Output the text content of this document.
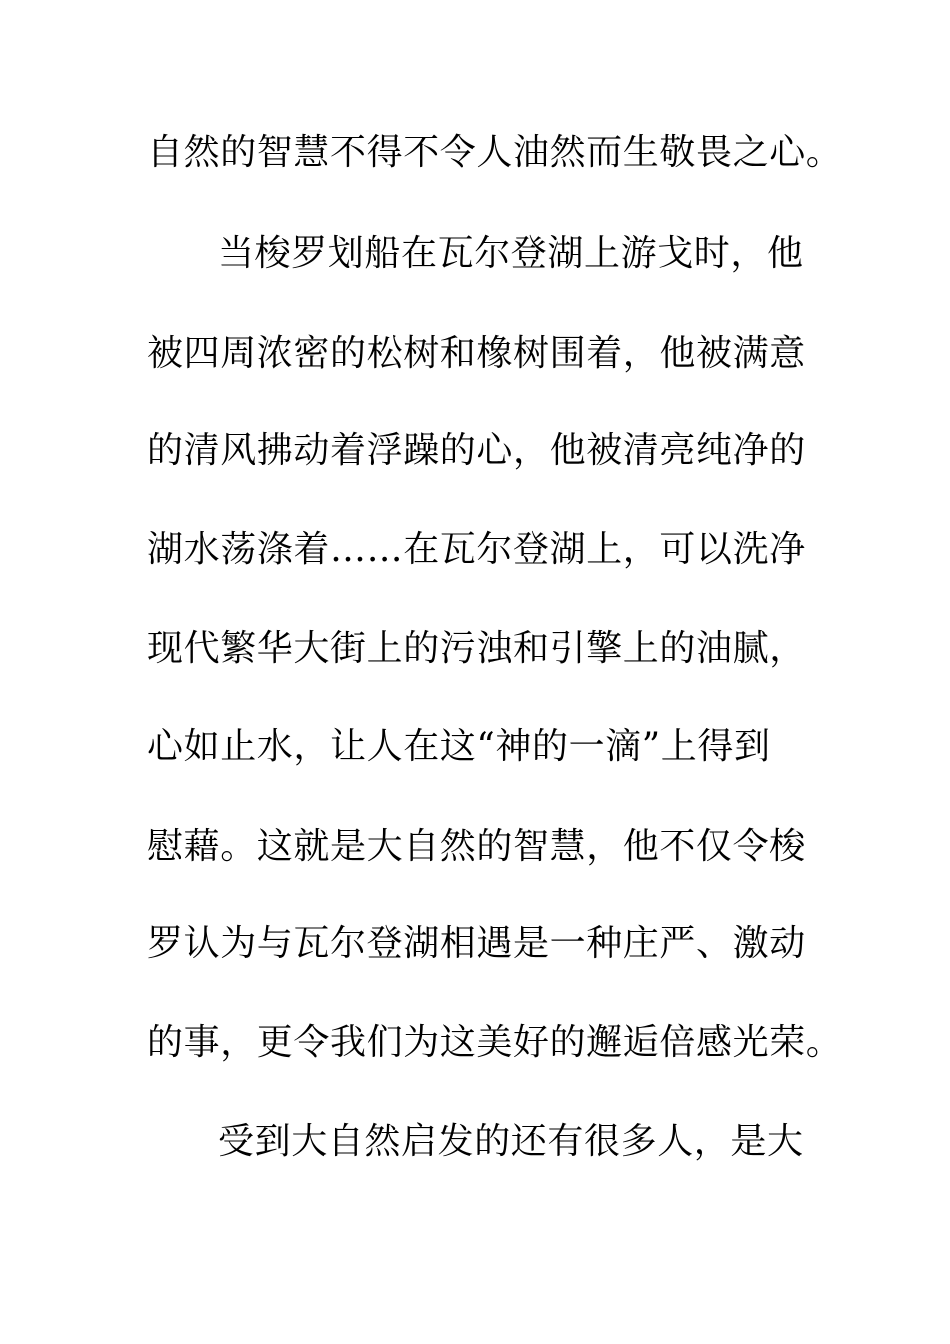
自然的智慧不得不令人油然而生敬畏之心。
当梭罗划船在瓦尔登湖上游戈时，他
被四周浓密的松树和橡树围着，他被满意
的清风拂动着浮躁的心，他被清亮纯净的
湖水荡涤着……在瓦尔登湖上，可以洗净
现代繁华大街上的污浊和引擎上的油腻，
心如止水，让人在这“神的一滴”上得到
慰藉。这就是大自然的智慧，他不仅令梭
罗认为与瓦尔登湖相遇是一种庄严、激动
的事，更令我们为这美好的邂逅倍感光荣。
受到大自然启发的还有很多人，是大
